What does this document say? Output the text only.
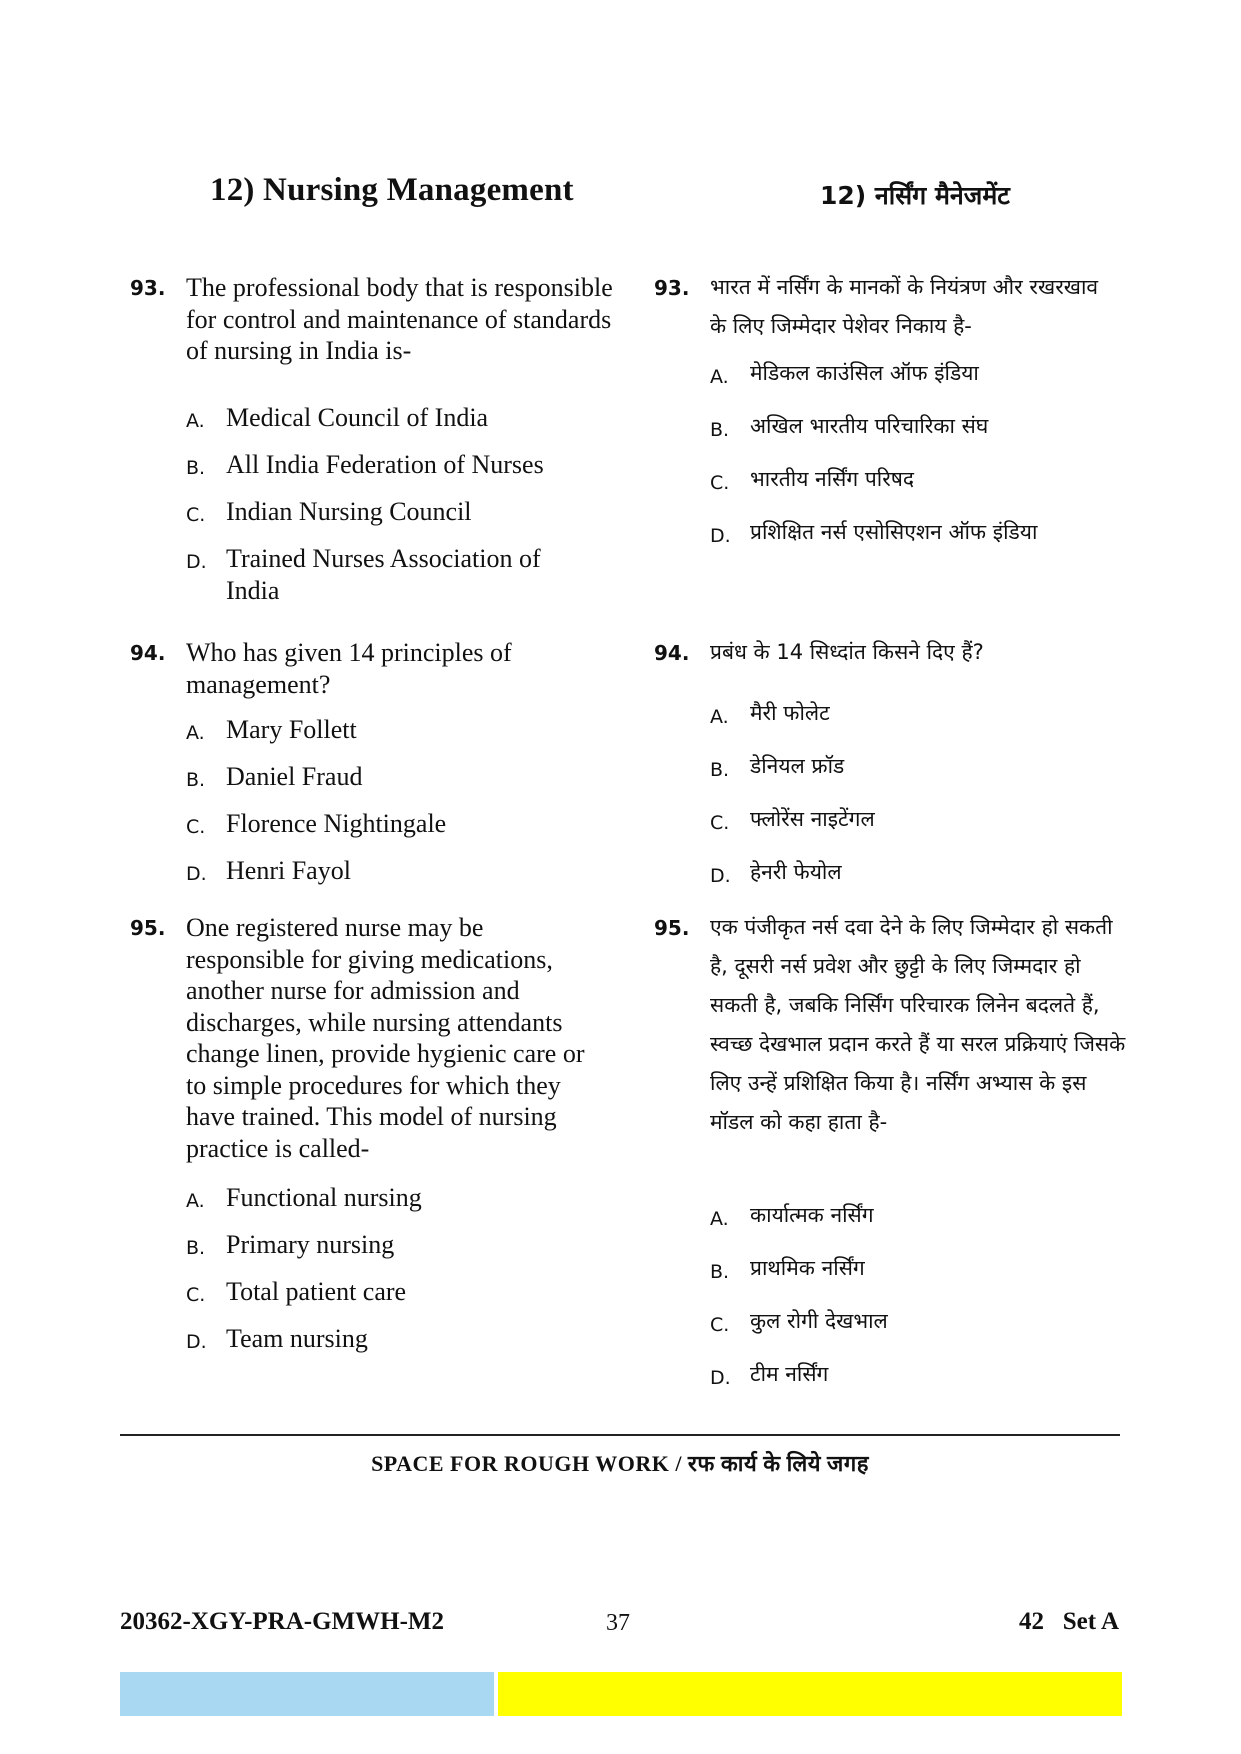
12) Nursing Management	12) नर्सिंग मैनेजमेंट
93. The professional body that is responsible for control and maintenance of standards of nursing in India is-
A. Medical Council of India
B. All India Federation of Nurses
C. Indian Nursing Council
D. Trained Nurses Association of India
94. Who has given 14 principles of management?
A. Mary Follett
B. Daniel Fraud
C. Florence Nightingale
D. Henri Fayol
95. One registered nurse may be responsible for giving medications, another nurse for admission and discharges, while nursing attendants change linen, provide hygienic care or to simple procedures for which they have trained. This model of nursing practice is called-
A. Functional nursing
B. Primary nursing
C. Total patient care
D. Team nursing
93. भारत में नर्सिंग के मानकों के नियंत्रण और रखरखाव के लिए जिम्मेदार पेशेवर निकाय है-
A. मेडिकल काउंसिल ऑफ इंडिया
B. अखिल भारतीय परिचारिका संघ
C. भारतीय नर्सिंग परिषद
D. प्रशिक्षित नर्स एसोसिएशन ऑफ इंडिया
94. प्रबंध के 14 सिध्दांत किसने दिए हैं?
A. मैरी फोलेट
B. डेनियल फ्रॉड
C. फ्लोरेंस नाइटेंगल
D. हेनरी फेयोल
95. एक पंजीकृत नर्स दवा देने के लिए जिम्मेदार हो सकती है, दूसरी नर्स प्रवेश और छुट्टी के लिए जिम्मदार हो सकती है, जबकि निर्सिंग परिचारक लिनेन बदलते हैं, स्वच्छ देखभाल प्रदान करते हैं या सरल प्रक्रियाएं जिसके लिए उन्हें प्रशिक्षित किया है। नर्सिंग अभ्यास के इस मॉडल को कहा हाता है-
A. कार्यात्मक नर्सिंग
B. प्राथमिक नर्सिंग
C. कुल रोगी देखभाल
D. टीम नर्सिंग
SPACE FOR ROUGH WORK / रफ कार्य के लिये जगह
20362-XGY-PRA-GMWH-M2	37	42   Set A
